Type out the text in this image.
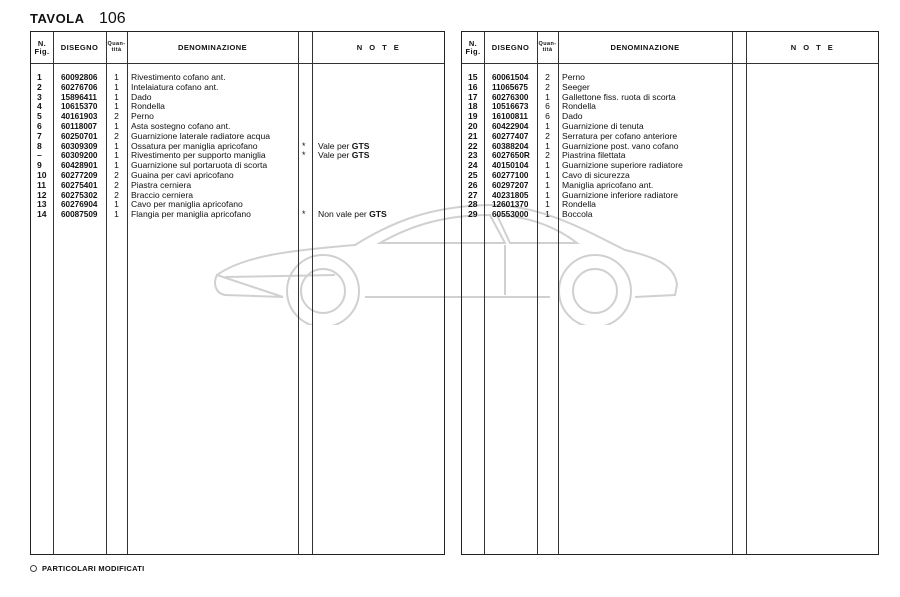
TAVOLA 106
N. Fig.	DISEGNO	Quan- tità	DENOMINAZIONE	N O T E
1 60092806	1	Rivestimento cofano ant.
2 60276706	1	Intelaiatura cofano ant.
3 15896411	1	Dado
4 10615370	1	Rondella
5 40161903	2	Perno
6 60118007	1	Asta sostegno cofano ant.
7 60250701	2	Guarnizione laterale radiatore acqua
8 60309309	1	Ossatura per maniglia apricofano	* Vale per GTS
– 60309200	1	Rivestimento per supporto maniglia	* Vale per GTS
9 60428901	1	Guarnizione sul portaruota di scorta
10 60277209	2	Guaina per cavi apricofano
11 60275401	2	Piastra cerniera
12 60275302	2	Braccio cerniera
13 60276904	1	Cavo per maniglia apricofano
14 60087509	1	Flangia per maniglia apricofano	* Non vale per GTS
N. Fig.	DISEGNO	Quan- tità	DENOMINAZIONE	N O T E
15 60061504	2	Perno
16 11065675	2	Seeger
17 60276300	1	Gallettone fiss. ruota di scorta
18 10516673	6	Rondella
19 16100811	6	Dado
20 60422904	1	Guarnizione di tenuta
21 60277407	2	Serratura per cofano anteriore
22 60388204	1	Guarnizione post. vano cofano
23 6027650R	2	Piastrina filettata
24 40150104	1	Guarnizione superiore radiatore
25 60277100	1	Cavo di sicurezza
26 60297207	1	Maniglia apricofano ant.
27 40231805	1	Guarnizione inferiore radiatore
28 12601370	1	Rondella
29 60553000	1	Boccola
PARTICOLARI MODIFICATI
